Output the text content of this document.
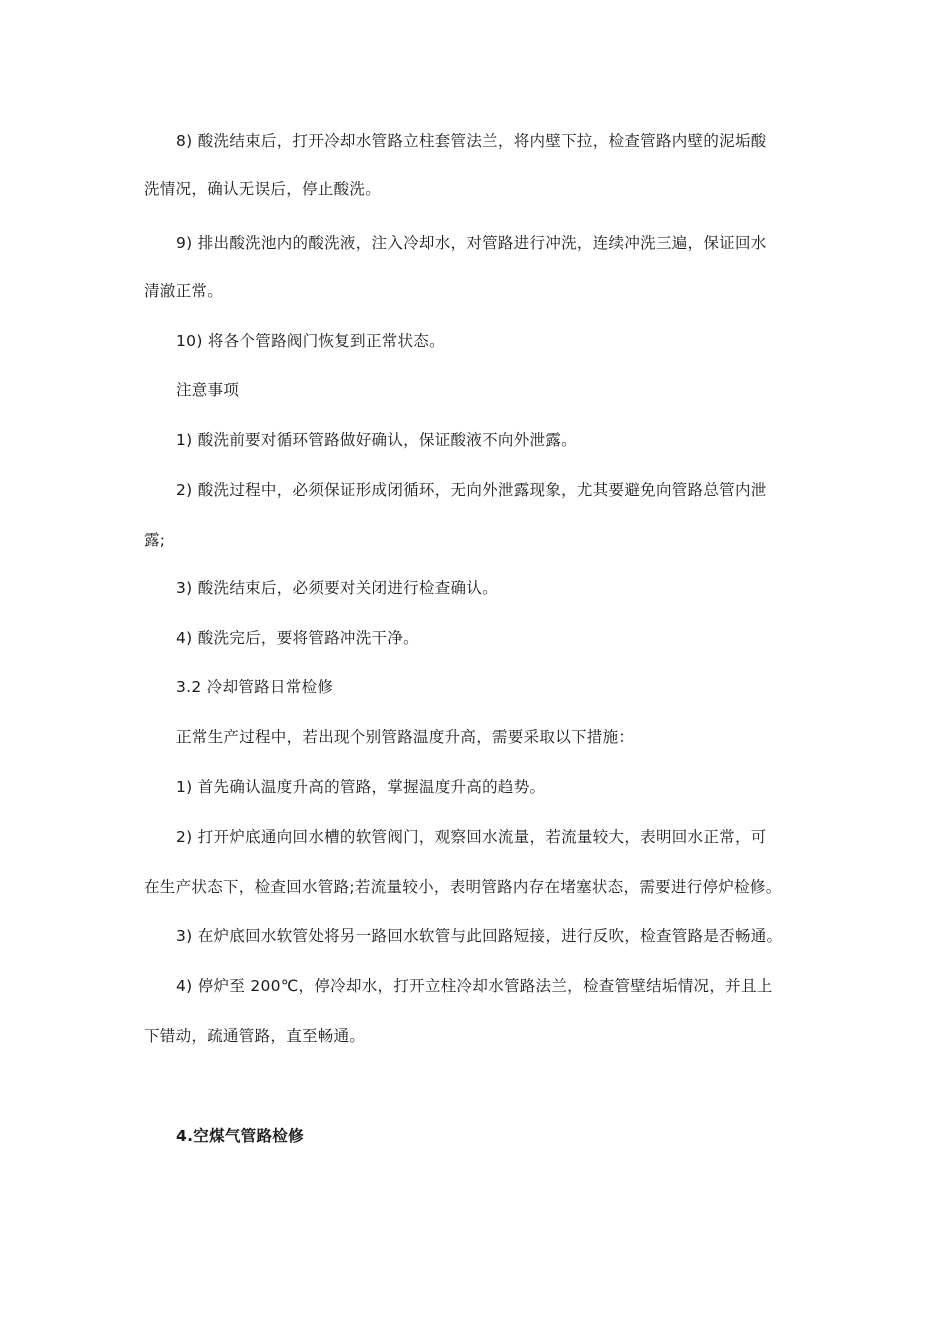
8) 酸洗结束后，打开冷却水管路立柱套管法兰，将内壁下拉，检查管路内壁的泥垢酸
洗情况，确认无误后，停止酸洗。
9) 排出酸洗池内的酸洗液，注入冷却水，对管路进行冲洗，连续冲洗三遍，保证回水
清澈正常。
10) 将各个管路阀门恢复到正常状态。
注意事项
1) 酸洗前要对循环管路做好确认，保证酸液不向外泄露。
2) 酸洗过程中，必须保证形成闭循环，无向外泄露现象，尤其要避免向管路总管内泄
露;
3) 酸洗结束后，必须要对关闭进行检查确认。
4) 酸洗完后，要将管路冲洗干净。
3.2 冷却管路日常检修
正常生产过程中，若出现个别管路温度升高，需要采取以下措施：
1) 首先确认温度升高的管路，掌握温度升高的趋势。
2) 打开炉底通向回水槽的软管阀门，观察回水流量，若流量较大，表明回水正常，可
在生产状态下，检查回水管路;若流量较小，表明管路内存在堵塞状态，需要进行停炉检修。
3) 在炉底回水软管处将另一路回水软管与此回路短接，进行反吹，检查管路是否畅通。
4) 停炉至 200℃，停冷却水，打开立柱冷却水管路法兰，检查管壁结垢情况，并且上
下错动，疏通管路，直至畅通。
4.空煤气管路检修
